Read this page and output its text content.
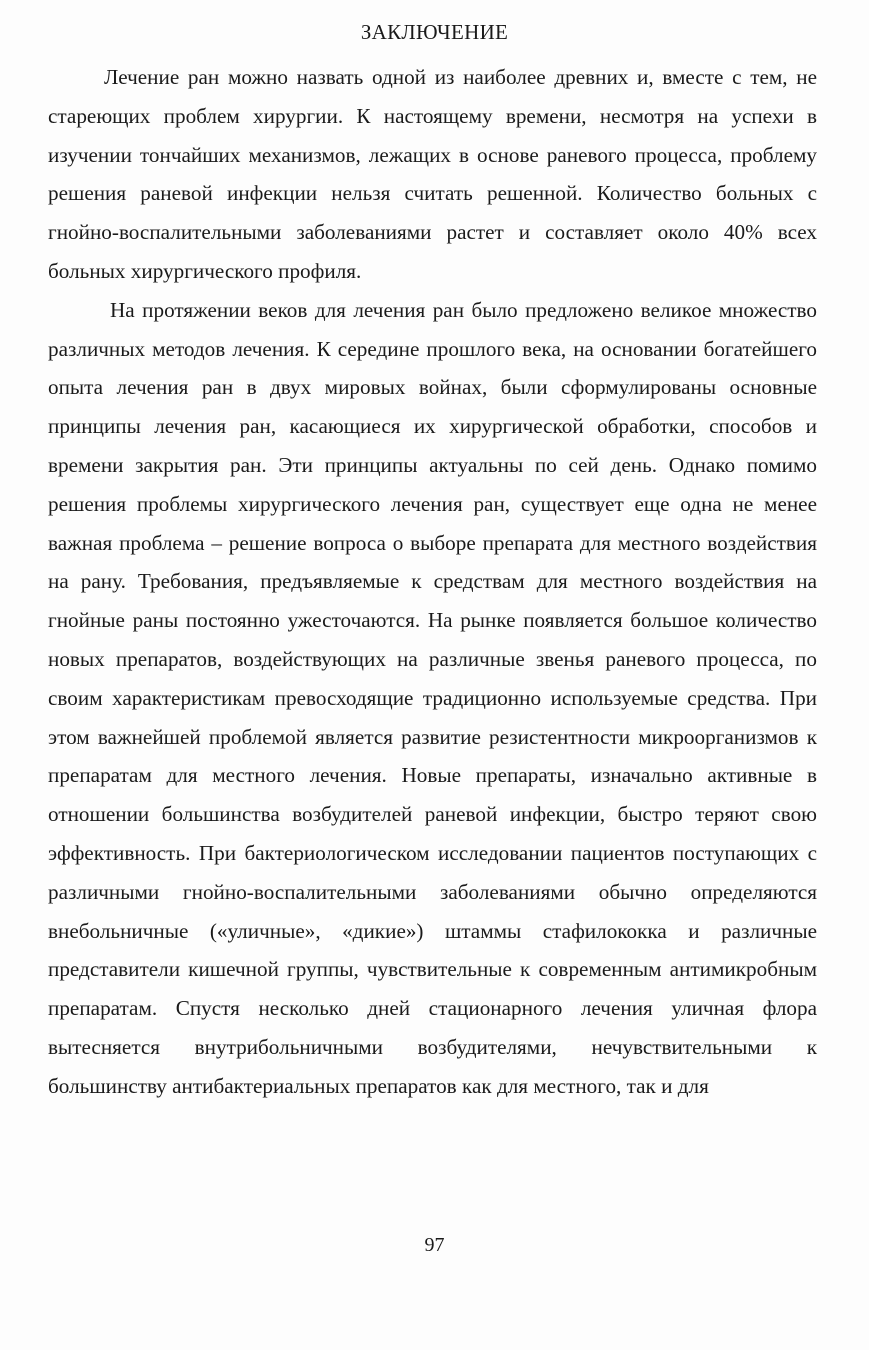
ЗАКЛЮЧЕНИЕ

Лечение ран можно назвать одной из наиболее древних и, вместе с тем, не стареющих проблем хирургии. К настоящему времени, несмотря на успехи в изучении тончайших механизмов, лежащих в основе раневого процесса, проблему решения раневой инфекции нельзя считать решенной. Количество больных с гнойно-воспалительными заболеваниями растет и составляет около 40% всех больных хирургического профиля.

На протяжении веков для лечения ран было предложено великое множество различных методов лечения. К середине прошлого века, на основании богатейшего опыта лечения ран в двух мировых войнах, были сформулированы основные принципы лечения ран, касающиеся их хирургической обработки, способов и времени закрытия ран. Эти принципы актуальны по сей день. Однако помимо решения проблемы хирургического лечения ран, существует еще одна не менее важная проблема – решение вопроса о выборе препарата для местного воздействия на рану. Требования, предъявляемые к средствам для местного воздействия на гнойные раны постоянно ужесточаются. На рынке появляется большое количество новых препаратов, воздействующих на различные звенья раневого процесса, по своим характеристикам превосходящие традиционно используемые средства. При этом важнейшей проблемой является развитие резистентности микроорганизмов к препаратам для местного лечения. Новые препараты, изначально активные в отношении большинства возбудителей раневой инфекции, быстро теряют свою эффективность. При бактериологическом исследовании пациентов поступающих с различными гнойно-воспалительными заболеваниями обычно определяются внебольничные («уличные», «дикие») штаммы стафилококка и различные представители кишечной группы, чувствительные к современным антимикробным препаратам. Спустя несколько дней стационарного лечения уличная флора вытесняется внутрибольничными возбудителями, нечувствительными к большинству антибактериальных препаратов как для местного, так и для

97
